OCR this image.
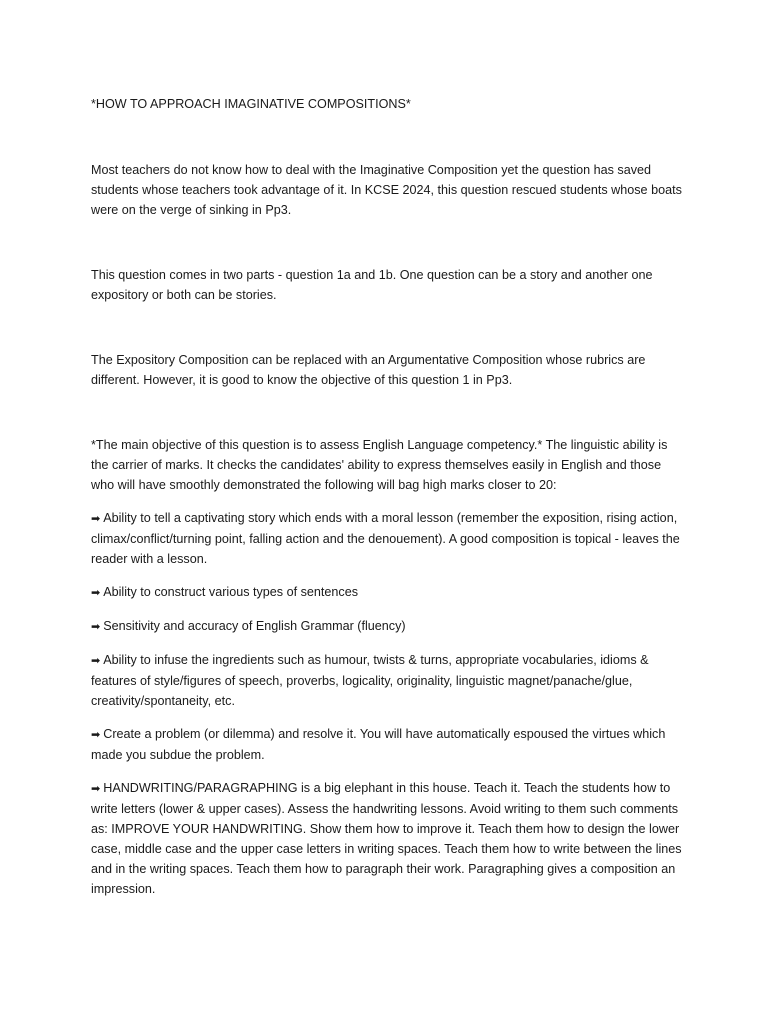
*HOW TO APPROACH IMAGINATIVE COMPOSITIONS*

Most teachers do not know how to deal with the Imaginative Composition yet the question has saved students whose teachers took advantage of it. In KCSE 2024, this question rescued students whose boats were on the verge of sinking in Pp3.

This question comes in two parts - question 1a and 1b. One question can be a story and another one expository or both can be stories.

The Expository Composition can be replaced with an Argumentative Composition whose rubrics are different. However, it is good to know the objective of this question 1 in Pp3.

*The main objective of this question is to assess English Language competency.* The linguistic ability is the carrier of marks. It checks the candidates' ability to express themselves easily in English and those who will have smoothly demonstrated the following will bag high marks closer to 20:

➡ Ability to tell a captivating story which ends with a moral lesson (remember the exposition, rising action, climax/conflict/turning point, falling action and the denouement). A good composition is topical - leaves the reader with a lesson.

➡ Ability to construct various types of sentences

➡ Sensitivity and accuracy of English Grammar (fluency)

➡ Ability to infuse the ingredients such as humour, twists & turns, appropriate vocabularies, idioms & features of style/figures of speech, proverbs, logicality, originality, linguistic magnet/panache/glue, creativity/spontaneity, etc.

➡ Create a problem (or dilemma) and resolve it. You will have automatically espoused the virtues which made you subdue the problem.

➡ HANDWRITING/PARAGRAPHING is a big elephant in this house. Teach it. Teach the students how to write letters (lower & upper cases). Assess the handwriting lessons. Avoid writing to them such comments as: IMPROVE YOUR HANDWRITING. Show them how to improve it. Teach them how to design the lower case, middle case and the upper case letters in writing spaces. Teach them how to write between the lines and in the writing spaces. Teach them how to paragraph their work. Paragraphing gives a composition an impression.
